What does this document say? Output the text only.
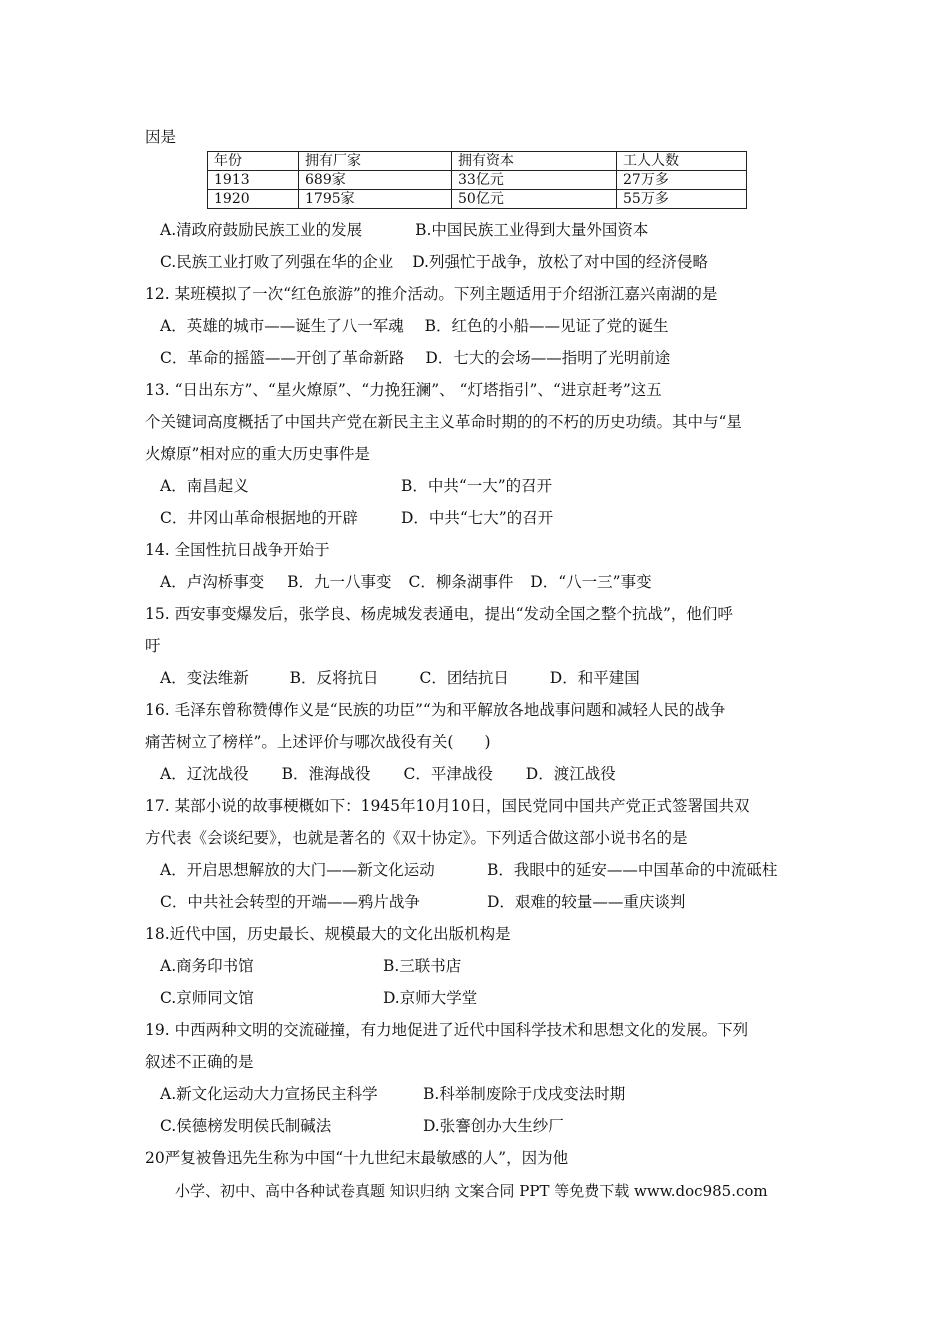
因是
年份	拥有厂家	拥有资本	工人人数
1913	689家	33亿元	27万多
1920	1795家	50亿元	55万多
A.清政府鼓励民族工业的发展	B.中国民族工业得到大量外国资本
C.民族工业打败了列强在华的企业 D.列强忙于战争，放松了对中国的经济侵略
12. 某班模拟了一次“红色旅游”的推介活动。下列主题适用于介绍浙江嘉兴南湖的是
A．英雄的城市——诞生了八一军魂 B．红色的小船——见证了党的诞生
C．革命的摇篮——开创了革命新路 D．七大的会场——指明了光明前途
13. “日出东方”、“星火燎原”、“力挽狂澜”、 “灯塔指引”、“进京赶考”这五
个关键词高度概括了中国共产党在新民主主义革命时期的的不朽的历史功绩。其中与“星
火燎原”相对应的重大历史事件是
A．南昌起义	B．中共“一大”的召开
C．井冈山革命根据地的开辟	D．中共“七大”的召开
14. 全国性抗日战争开始于
A．卢沟桥事变 B．九一八事变 C．柳条湖事件 D．“八一三”事变
15. 西安事变爆发后，张学良、杨虎城发表通电，提出“发动全国之整个抗战”，他们呼
吁
A．变法维新	B．反将抗日	C．团结抗日	D．和平建国
16. 毛泽东曾称赞傅作义是“民族的功臣”“为和平解放各地战事问题和减轻人民的战争
痛苦树立了榜样”。上述评价与哪次战役有关(　　)
A．辽沈战役 B．淮海战役 C．平津战役 D．渡江战役
17. 某部小说的故事梗概如下：1945年10月10日，国民党同中国共产党正式签署国共双
方代表《会谈纪要》，也就是著名的《双十协定》。下列适合做这部小说书名的是
A．开启思想解放的大门——新文化运动	B．我眼中的延安——中国革命的中流砥柱
C．中共社会转型的开端——鸦片战争	D．艰难的较量——重庆谈判
18.近代中国，历史最长、规模最大的文化出版机构是
A.商务印书馆	B.三联书店
C.京师同文馆	D.京师大学堂
19. 中西两种文明的交流碰撞，有力地促进了近代中国科学技术和思想文化的发展。下列
叙述不正确的是
A.新文化运动大力宣扬民主科学	B.科举制废除于戊戌变法时期
C.侯德榜发明侯氏制碱法	D.张謇创办大生纱厂
20严复被鲁迅先生称为中国“十九世纪末最敏感的人”，因为他
小学、初中、高中各种试卷真题 知识归纳 文案合同 PPT 等免费下载 www.doc985.com
